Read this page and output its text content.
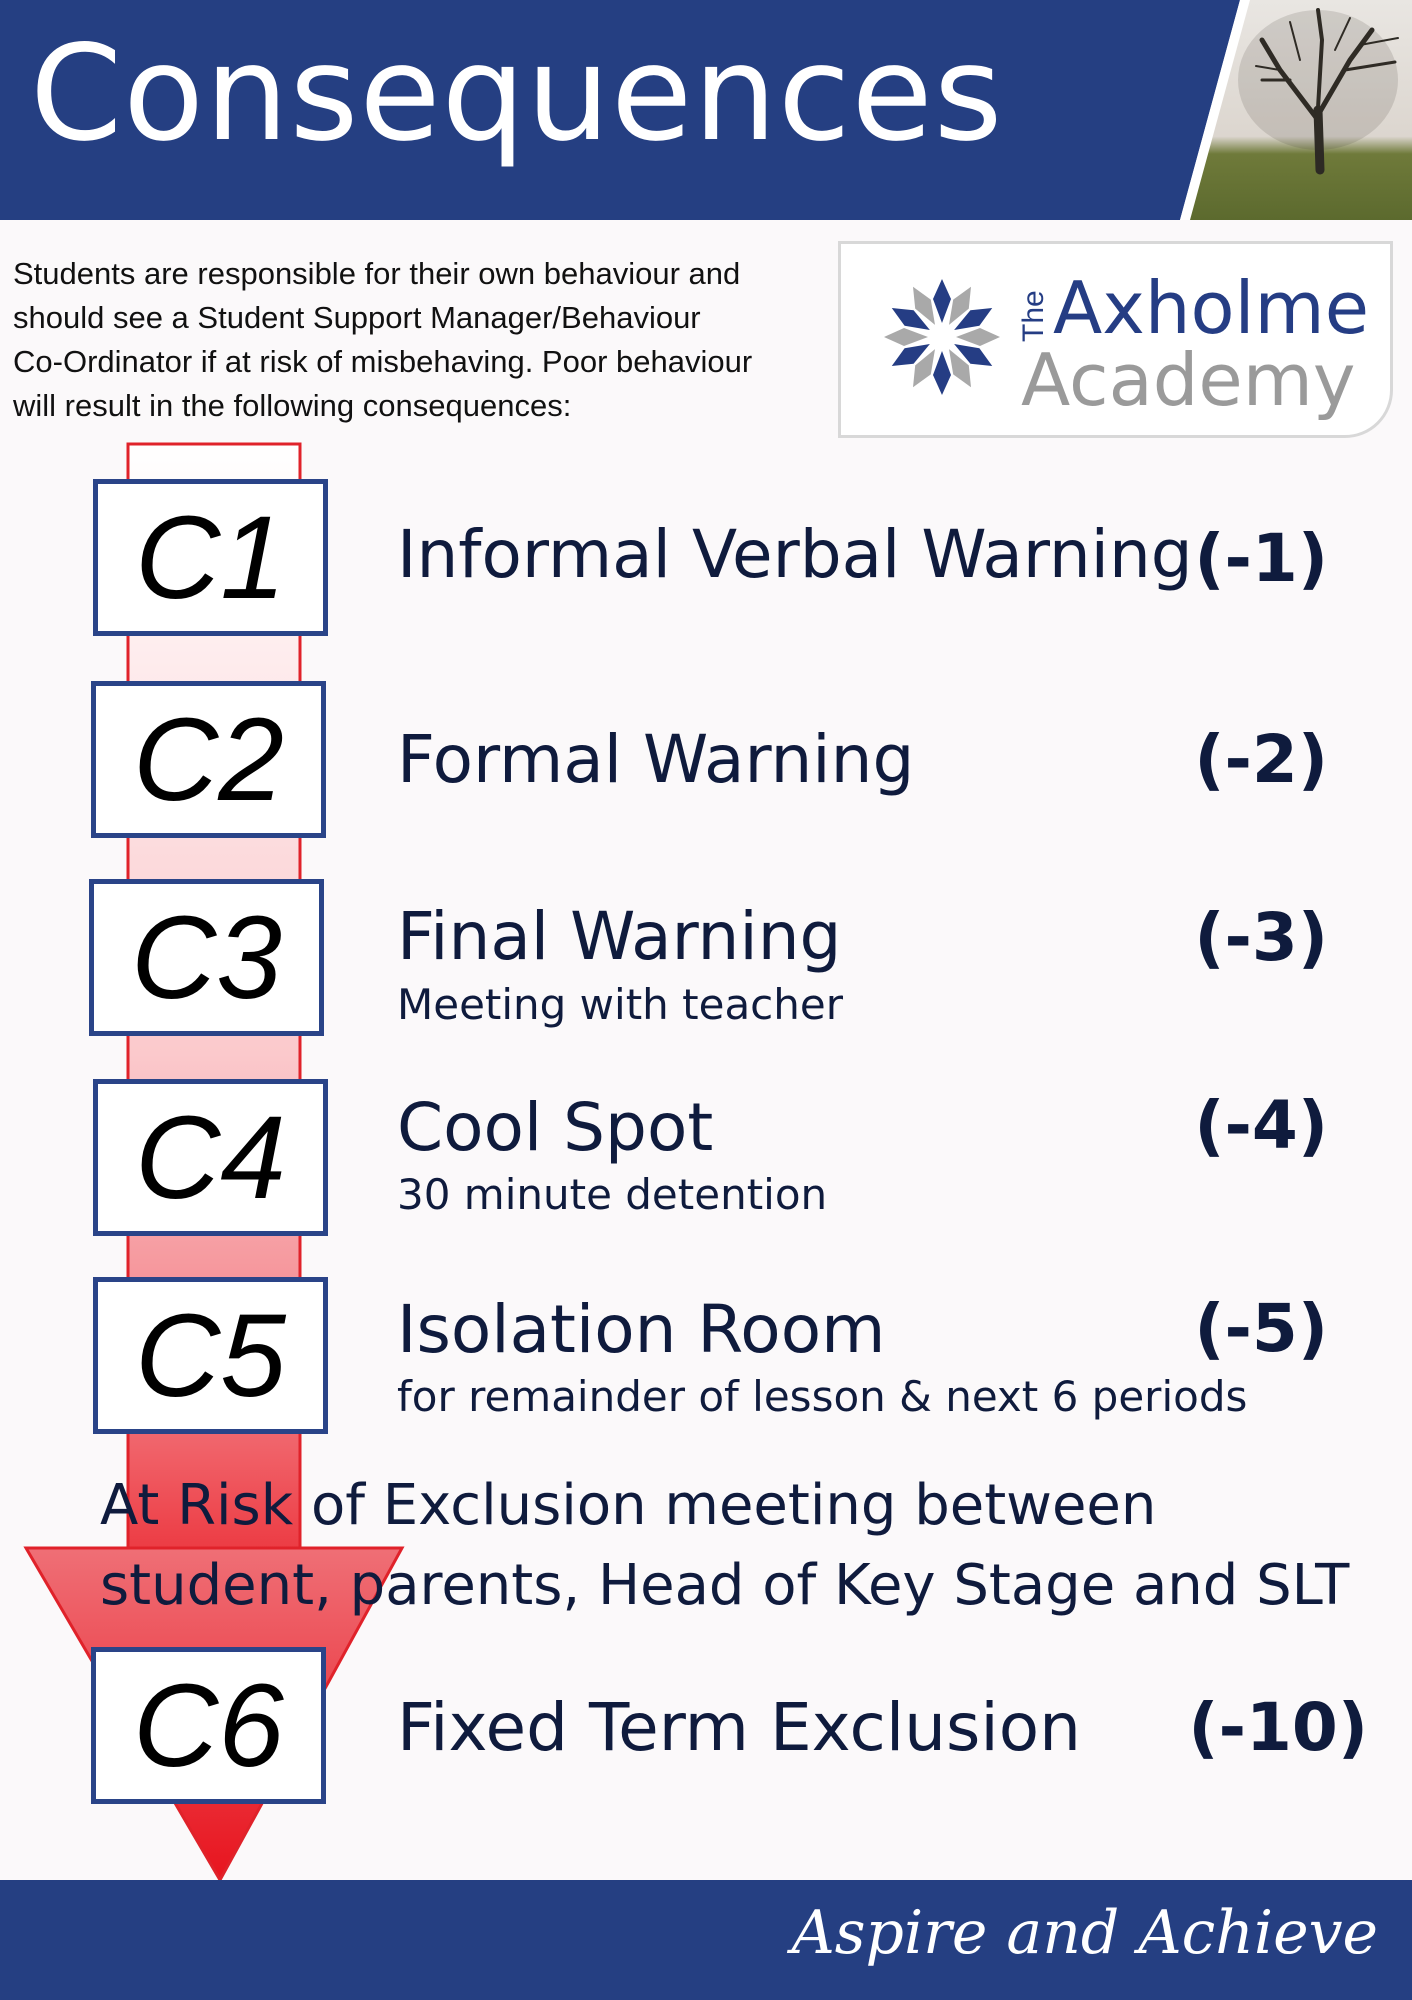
Consequences
Students are responsible for their own behaviour and
should see a Student Support Manager/Behaviour
Co-Ordinator if at risk of misbehaving. Poor behaviour
will result in the following consequences:
The Axholme
Academy
C1
C2
C3
C4
C5
C6
Informal Verbal Warning (-1)
Formal Warning	(-2)
Final Warning
Meeting with teacher
(-3)
Cool Spot
30 minute detention
(-4)
Isolation Room
for remainder of lesson & next 6 periods
(-5)
At Risk of Exclusion meeting between student, parents, Head of Key Stage and SLT
Fixed Term Exclusion (-10)
Aspire and Achieve
